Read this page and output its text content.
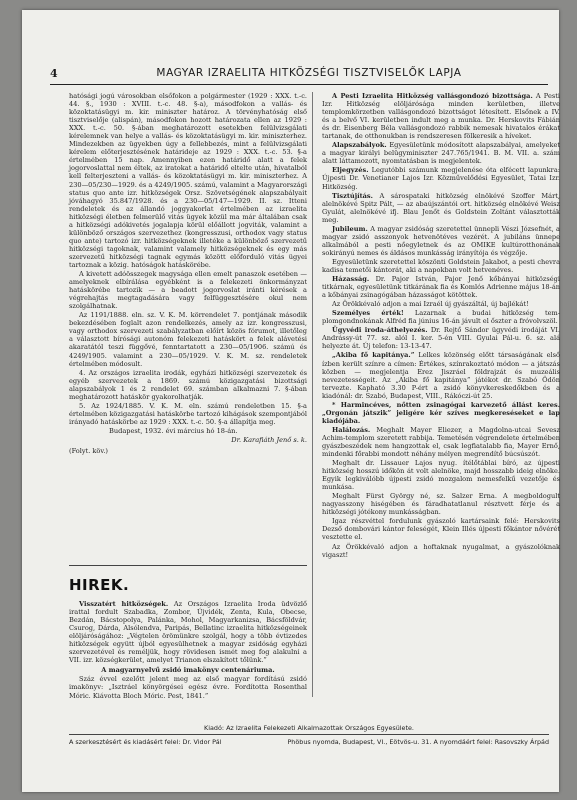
4	MAGYAR IZRAELITA HITKÖZSÉGI TISZTVISELŐK LAPJA

hatósági jogú városokban elsőfokon a polgármester (1929 : XXX. t.-c. 44. §., 1930 : XVIII. t.-c. 48. §-a), másodfokon a vallás- és közoktatásügyi m. kir. miniszter határoz. A törvényhatóság első tisztviselője (alispán), másodfokon hozott határozata ellen az 1929 : XXX. t.-c. 50. §-ában meghatározott esetekben felülvizsgálati kérelemnek van helye a vallás- és közoktatásügyi m. kir. miniszterhez. Mindezekben az ügyekben úgy a fellebbezés, mint a felülvizsgálati kérelem előterjesztésének határideje az 1929 : XXX. t.-c. 53. §-a értelmében 15 nap. Amennyiben ezen határidő alatt a felek jogorvoslattal nem éltek, az iratokat a határidő eltelte után, hivatalból kell felterjeszteni a vallás- és közoktatásügyi m. kir. miniszterhez. A 230—05/230—1929. és a 4249/1905. számú, valamint a Magyarországi status quo ante izr. hitközségek Orsz. Szövetségének alapszabályait jóváhagyó 35.847/1928. és a 230—05/147—1929. II. sz. Itteni rendeletek és az állandó joggyakorlat értelmében az izraelita hitközségi életben felmerülő vitás ügyek közül ma már általában csak a hitközségi adókivetés jogalapja körül előállott jogviták, valamint a különböző országos szervezethez (kongresszusi, orthodox vagy status quo ante) tartozó izr. hitközségeknek illetéke a különböző szervezetű hitközségi tagoknak, valamint valamely hitközségeknek és egy más szervezetű hitközségi tagnak egymás között előforduló vitás ügyei tartoznak a közig. hatóságok hatáskörébe.

A kivetett adóösszegek magyságа ellen emelt panaszok esetében — amelyeknek elbírálása egyébként is a felekezeti önkormányzat hatáskörébe tartozik — a beadott jogorvoslat iránti kérések a végrehajtás megtagadására vagy felfüggesztésére okul nem szolgálhatnak.

Az 1191/1888. eln. sz. V. K. M. körrendelet 7. pontjának második bekezdésében foglalt azon rendelkezés, amely az izr. kongresszusi, vagy orthodox szervezeti szabályzatban előírt közös fórumot, illetőleg a választott bírósági autonóm felekezeti hatáskört a felek alávetési akaratától teszi függővé, fenntartatott a 230—05/1906. számú és 4249/1905. valamint a 230—05/1929. V. K. M. sz. rendeletek értelmében módosult.

4. Az országos izraelita irodák, egyházi hitközségi szervezetek és egyéb szervezetek a 1869. számú közigazgatási bizottsági alapszabályok 1 és 2 rendelet 69. számban alkalmazni 7. §-ában meghatározott hatáskör gyakorolhatják.

5. Az 1924/1885. V. K. M. eln. számú rendeletben 15. §-a értelmében közigazgatási hatáskörbe tartozó kihágások szempontjából irányadó hatáskörbe az 1929 : XXX. t.-c. 50. §-a állapítja meg.

Budapest, 1932. évi március hó 18-án.

Dr. Karafiáth Jenő s. k.

(Folyt. köv.)

HIREK.

Visszatért hitközségek. Az Országos Izraelita Iroda üdvözlő irattal fordult Szabadka, Zombor, Újvidék, Zenta, Kula, Obecse, Bezdán, Bácstopolya, Palánka, Mohol, Magyarkanizsa, Bácsföldvár, Csurog, Dárda, Alsólendva, Paripás, Bellatinc izraelita hitközségeinek elöljáróságához: „Végtelen örömünkre szolgál, hogy a több évtizedes hitközségek együtt újból egyesülhetnek a magyar zsidóság egyházi szervezetével és reméljük, hogy rövidesen ismét meg fog alakulni a VII. izr. községkerület, amelyet Trianon elszakított tőlünk.”

A magyarnyelvű zsidó imakönyv centenáriuma.

Száz évvel ezelőtt jelent meg az első magyar fordítású zsidó imakönyv: „Isztráel könyörgései egész évre. Fordította Rosenthal Móric. Kiávotta Bloch Móric. Pest, 1841.”

A Pesti Izraelita Hitközség vallásgondozó bizottsága. A Pesti Izr. Hitközség elöljárósága minden kerületben, illetve templomkörzetben vallásgondozó bizottságot létesített. Elsőnek a IV. és a belvő VI. kerületben indult meg a munka. Dr. Herskovits Fábián és dr. Eisenberg Béla vallásgondozó rabbik nemesak hivatalos érákat tartanak, de otthonukban is rendszeresen fölkeresik a híveket.

Alapszabályok. Egyesületünk módosított alapszabályai, amelyeket a magyar királyi belügyminiszter 247.765/1941. B. M. VII. a. szám alatt láttamozott, nyomtatásban is megjelentek.

Eljegyzés. Legutóbbi számunk megjelenése óta elfécett lapunkra: Újpesti Dr. Venetianer Lajos Izr. Közművelődési Egyesület, Tatai Izr. Hitközség.

Tisztújítás. A sárospataki hitközség elnökévé Szoffer Márt, alelnökévé Spitz Pált, — az abaújszántói ort. hitközség elnökévé Weisz Gyulát, alelnökévé ifj. Blau Jenőt és Goldstein Zoltánt választották meg.

Jubileum. A magyar zsidóság szeretettel ünnepli Vészi Józsefnét, a magyar zsidó asszonyok hetvenötéves vezérét. A jubiláns ünnepe alkalmából a pesti nőegyletnek és az OMIKE kultúrotthonának sokirányú nemes és áldásos munkásság irányítója és végzője.

Egyesületünk szeretettel köszönti Goldstein Jakabot, a pesti chevra kadisa temetői kántorát, aki a napokban volt hetvenéves.

Házasság. Dr. Pajor István, Pajor Jenő kőbányai hitközségi titkárnak, egyesületünk titkárának fia és Komlós Adrienne május 18-án a kőbányai zsinagógában házasságot kötöttek.

Az Örökkévaló adjon a mai Izraél új gyászáltál, új bajlékát!

Személyes érték! Lazarnak a budai hitközség templomgondnokának Alfréd fia június 16-án jávult el őszter a fróvolvszöl.

Ügyvédi iroda-áthelyezés. Dr. Rejtő Sándor ügyvédi irodáját VI. Andrássy-út 77. sz. alól I. ker. 5-én VIII. Gyulai Pál-u. 6. sz. alá helyezte át. Új telefon: 13-13-47.

„Akiba fő kapitánya.” Lelkes közönség előtt társaságának első ízben került színre a címen: Értékes, színrakoztató módon — a játszás közben — megjelentja Erez Jiszráel földrajzát és muzeális nevezetességeit. Az „Akiba fő kapitánya” játékot dr. Szabó Ödön terveztе. Kapható 3.30 P-ért a zsidó könyvkereskedőkben és a kiadónál: dr. Szabó, Budapest, VIII., Rákóczi-út 25.

* Harmincéves, nőtten zsinagógai karvezető állást keres. „Orgonán játszik” jeligére kér szíves megkereséseket e lap kiadójába.

Halálozás. Meghalt Mayer Eliezer, a Magdolna-utcai Sevesz Achim-templom szeretett rabbija. Temetésén végrendelete értelmében gyászbeszédek nem hangzottak el, csak legfiatalabb fia, Mayer Ernő, mindenki főrabbi mondott néhány mélyen megrendítő búcsúszót.

Meghalt dr. Lissauer Lajos nyug. ítélőtáblai bíró, az újpesti hitközség hosszú időkön át volt alelnöke, majd hosszabb ideig elnöke. Egyik legkiválóbb újpesti zsidó mozgalom nemesfelkű vezetője és munkása.

Meghalt Fürst György né, sz. Salzer Erna. A megboldogult nagyasszony hiségében és fáradhatatlanul résztvett férje és a hitközségi jótékony munkásságban.

Igaz részvéttel fordulunk gyászoló kartársaink felé: Herskovits Dezső dombovári kántor feleségét, Klein Illés újpesti főkántor nővérét vesztette el.

Az Örökkévaló adjon a hoftaknak nyugalmat, a gyászolóknak vigaszt!

Kiadó: Az Izraelita Felekezeti Alkalmazottak Országos Egyesülete.
A szerkesztésért és kiadásért felel: Dr. Vidor Pál	Phöbus nyomda, Budapest, VI., Eötvös-u. 31. A nyomdáért felel: Rasovszky Árpád
